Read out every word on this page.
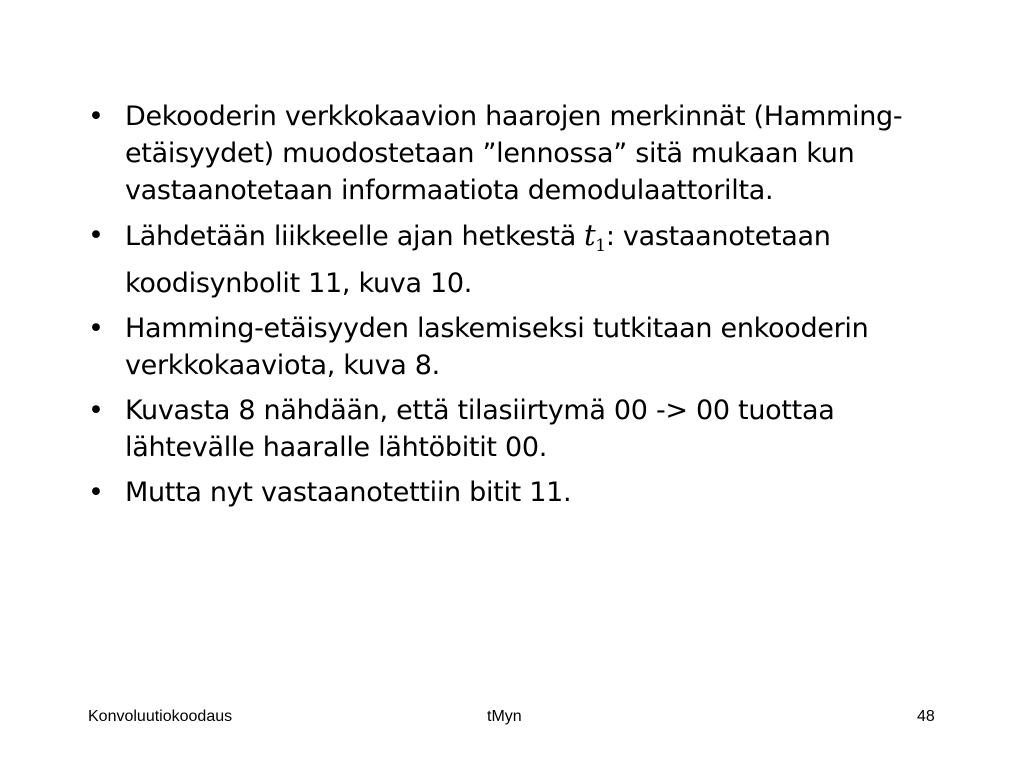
• Dekooderin verkkokaavion haarojen merkinnät (Hamming-etäisyydet) muodostetaan ”lennossa” sitä mukaan kun vastaanotetaan informaatiota demodulaattorilta.
• Lähdetään liikkeelle ajan hetkestä $t_1$: vastaanotetaan koodisynbolit 11, kuva 10.
• Hamming-etäisyyden laskemiseksi tutkitaan enkooderin verkkokaaviota, kuva 8.
• Kuvasta 8 nähdään, että tilasiirtymä 00 -> 00 tuottaa lähtevälle haaralle lähtöbitit 00.
• Mutta nyt vastaanotettiin bitit 11.
Konvoluutiokoodaus	tMyn	48
